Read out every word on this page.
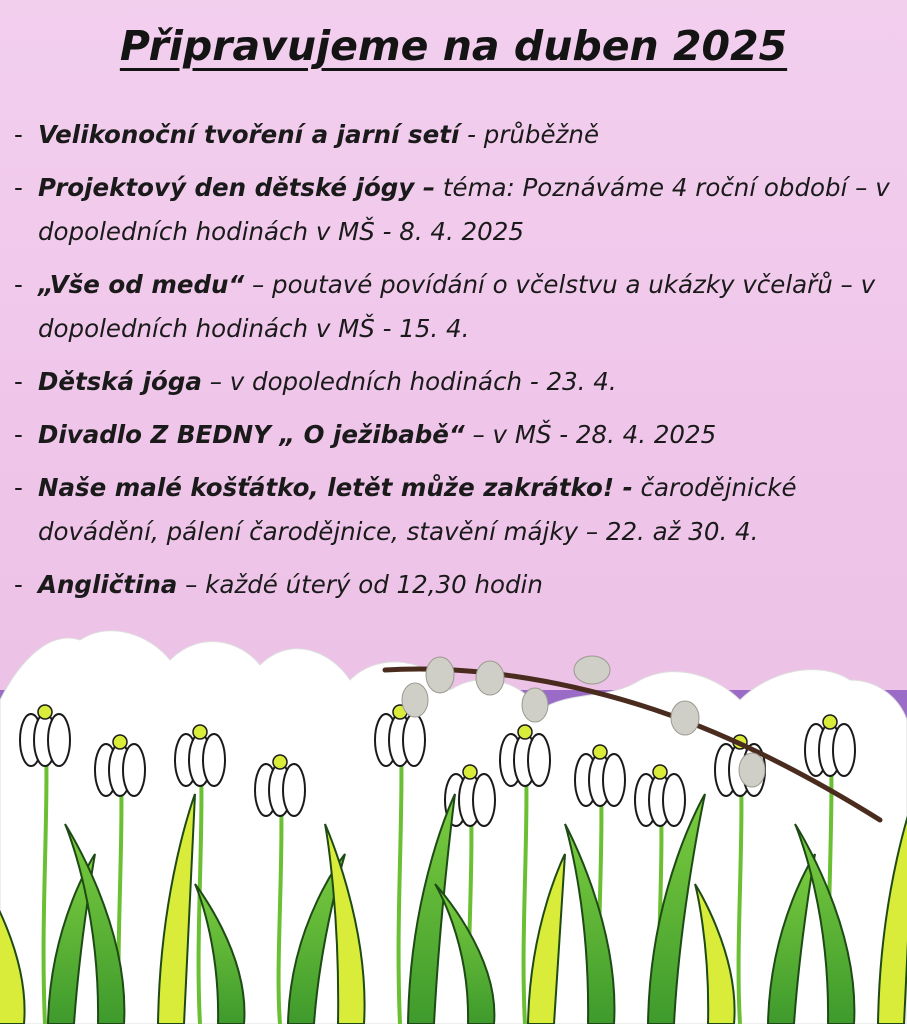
Připravujeme na duben 2025
- Velikonoční tvoření a jarní setí - průběžně
- Projektový den dětské jógy – téma: Poznáváme 4 roční období – v dopoledních hodinách v MŠ - 8. 4. 2025
- „Vše od medu“ – poutavé povídání o včelstvu a ukázky včelařů – v dopoledních hodinách v MŠ - 15. 4.
- Dětská jóga – v dopoledních hodinách - 23. 4.
- Divadlo Z BEDNY „ O ježibabě“ – v MŠ - 28. 4. 2025
- Naše malé košťátko, letět může zakrátko! - čarodějnické dovádění, pálení čarodějnice, stavění májky – 22. až 30. 4.
- Angličtina – každé úterý od 12,30 hodin
